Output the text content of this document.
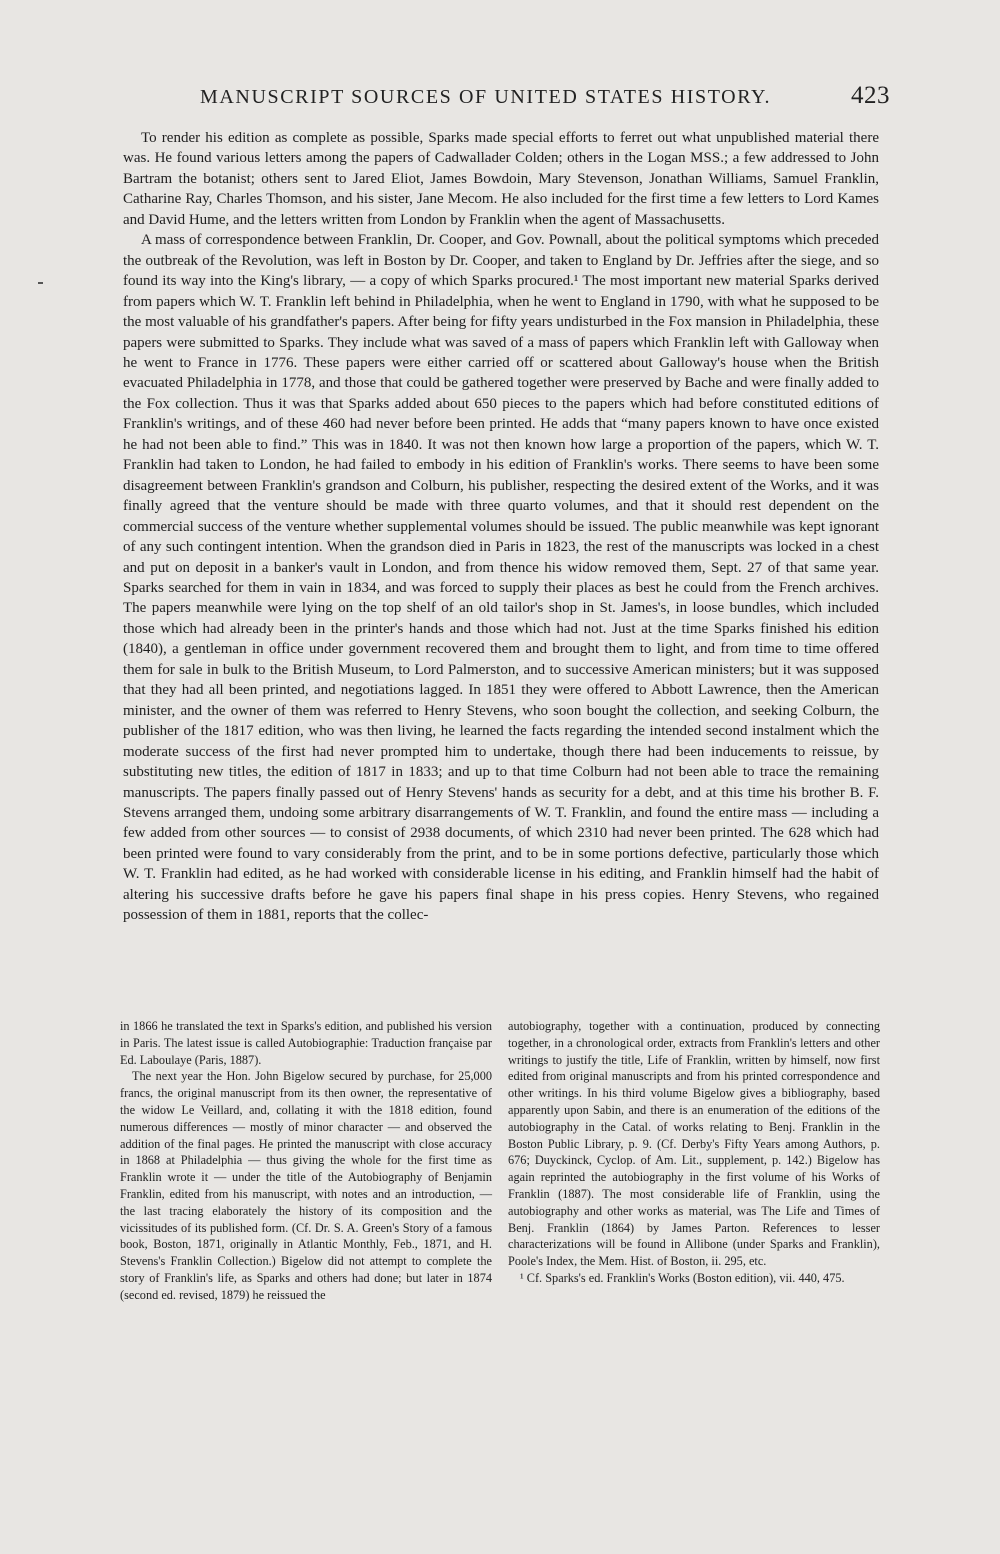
MANUSCRIPT SOURCES OF UNITED STATES HISTORY.	423

To render his edition as complete as possible, Sparks made special efforts to ferret out what unpublished material there was. He found various letters among the papers of Cadwallader Colden; others in the Logan MSS.; a few addressed to John Bartram the botanist; others sent to Jared Eliot, James Bowdoin, Mary Stevenson, Jonathan Williams, Samuel Franklin, Catharine Ray, Charles Thomson, and his sister, Jane Mecom. He also included for the first time a few letters to Lord Kames and David Hume, and the letters written from London by Franklin when the agent of Massachusetts.

A mass of correspondence between Franklin, Dr. Cooper, and Gov. Pownall, about the political symptoms which preceded the outbreak of the Revolution, was left in Boston by Dr. Cooper, and taken to England by Dr. Jeffries after the siege, and so found its way into the King's library, — a copy of which Sparks procured.¹ The most important new material Sparks derived from papers which W. T. Franklin left behind in Philadelphia, when he went to England in 1790, with what he supposed to be the most valuable of his grandfather's papers. After being for fifty years undisturbed in the Fox mansion in Philadelphia, these papers were submitted to Sparks. They include what was saved of a mass of papers which Franklin left with Galloway when he went to France in 1776. These papers were either carried off or scattered about Galloway's house when the British evacuated Philadelphia in 1778, and those that could be gathered together were preserved by Bache and were finally added to the Fox collection. Thus it was that Sparks added about 650 pieces to the papers which had before constituted editions of Franklin's writings, and of these 460 had never before been printed. He adds that “many papers known to have once existed he had not been able to find.” This was in 1840. It was not then known how large a proportion of the papers, which W. T. Franklin had taken to London, he had failed to embody in his edition of Franklin's works. There seems to have been some disagreement between Franklin's grandson and Colburn, his publisher, respecting the desired extent of the Works, and it was finally agreed that the venture should be made with three quarto volumes, and that it should rest dependent on the commercial success of the venture whether supplemental volumes should be issued. The public meanwhile was kept ignorant of any such contingent intention. When the grandson died in Paris in 1823, the rest of the manuscripts was locked in a chest and put on deposit in a banker's vault in London, and from thence his widow removed them, Sept. 27 of that same year. Sparks searched for them in vain in 1834, and was forced to supply their places as best he could from the French archives. The papers meanwhile were lying on the top shelf of an old tailor's shop in St. James's, in loose bundles, which included those which had already been in the printer's hands and those which had not. Just at the time Sparks finished his edition (1840), a gentleman in office under government recovered them and brought them to light, and from time to time offered them for sale in bulk to the British Museum, to Lord Palmerston, and to successive American ministers; but it was supposed that they had all been printed, and negotiations lagged. In 1851 they were offered to Abbott Lawrence, then the American minister, and the owner of them was referred to Henry Stevens, who soon bought the collection, and seeking Colburn, the publisher of the 1817 edition, who was then living, he learned the facts regarding the intended second instalment which the moderate success of the first had never prompted him to undertake, though there had been inducements to reissue, by substituting new titles, the edition of 1817 in 1833; and up to that time Colburn had not been able to trace the remaining manuscripts. The papers finally passed out of Henry Stevens' hands as security for a debt, and at this time his brother B. F. Stevens arranged them, undoing some arbitrary disarrangements of W. T. Franklin, and found the entire mass — including a few added from other sources — to consist of 2938 documents, of which 2310 had never been printed. The 628 which had been printed were found to vary considerably from the print, and to be in some portions defective, particularly those which W. T. Franklin had edited, as he had worked with considerable license in his editing, and Franklin himself had the habit of altering his successive drafts before he gave his papers final shape in his press copies. Henry Stevens, who regained possession of them in 1881, reports that the collec-

in 1866 he translated the text in Sparks's edition, and published his version in Paris. The latest issue is called Autobiographie: Traduction française par Ed. Laboulaye (Paris, 1887).

The next year the Hon. John Bigelow secured by purchase, for 25,000 francs, the original manuscript from its then owner, the representative of the widow Le Veillard, and, collating it with the 1818 edition, found numerous differences — mostly of minor character — and observed the addition of the final pages. He printed the manuscript with close accuracy in 1868 at Philadelphia — thus giving the whole for the first time as Franklin wrote it — under the title of the Autobiography of Benjamin Franklin, edited from his manuscript, with notes and an introduction, — the last tracing elaborately the history of its composition and the vicissitudes of its published form. (Cf. Dr. S. A. Green's Story of a famous book, Boston, 1871, originally in Atlantic Monthly, Feb., 1871, and H. Stevens's Franklin Collection.) Bigelow did not attempt to complete the story of Franklin's life, as Sparks and others had done; but later in 1874 (second ed. revised, 1879) he reissued the

autobiography, together with a continuation, produced by connecting together, in a chronological order, extracts from Franklin's letters and other writings to justify the title, Life of Franklin, written by himself, now first edited from original manuscripts and from his printed correspondence and other writings. In his third volume Bigelow gives a bibliography, based apparently upon Sabin, and there is an enumeration of the editions of the autobiography in the Catal. of works relating to Benj. Franklin in the Boston Public Library, p. 9. (Cf. Derby's Fifty Years among Authors, p. 676; Duyckinck, Cyclop. of Am. Lit., supplement, p. 142.) Bigelow has again reprinted the autobiography in the first volume of his Works of Franklin (1887). The most considerable life of Franklin, using the autobiography and other works as material, was The Life and Times of Benj. Franklin (1864) by James Parton. References to lesser characterizations will be found in Allibone (under Sparks and Franklin), Poole's Index, the Mem. Hist. of Boston, ii. 295, etc.

¹ Cf. Sparks's ed. Franklin's Works (Boston edition), vii. 440, 475.
